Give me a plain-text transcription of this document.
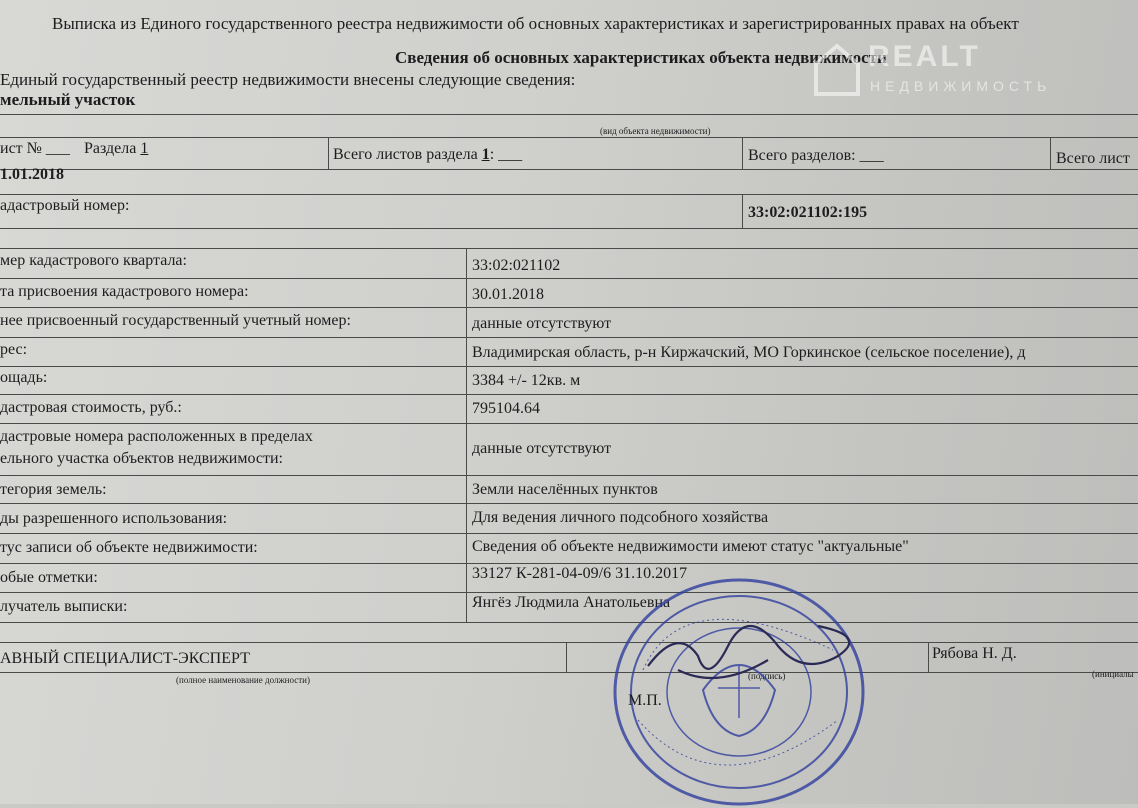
Выписка из Единого государственного реестра недвижимости об основных характеристиках и зарегистрированных правах на объект
Сведения об основных характеристиках объекта недвижимости
Единый государственный реестр недвижимости внесены следующие сведения:
REALT
НЕДВИЖИМОСТЬ
мельный участок
(вид объекта недвижимости)
ист № ___ Раздела 1	Всего листов раздела 1: ___	Всего разделов: ___	Всего лист
1.01.2018
адастровый номер:	33:02:021102:195
мер кадастрового квартала:	33:02:021102
та присвоения кадастрового номера:	30.01.2018
нее присвоенный государственный учетный номер:	данные отсутствуют
рес:	Владимирская область, р-н Киржачский, МО Горкинское (сельское поселение), д
ощадь:	3384 +/- 12кв. м
дастровая стоимость, руб.:	795104.64
дастровые номера расположенных в пределах
ельного участка объектов недвижимости:
данные отсутствуют
тегория земель:	Земли населённых пунктов
ды разрешенного использования:	Для ведения личного подсобного хозяйства
тус записи об объекте недвижимости:	Сведения об объекте недвижимости имеют статус "актуальные"
обые отметки:	33127 К-281-04-09/6 31.10.2017
лучатель выписки:	Янгёз Людмила Анатольевна
АВНЫЙ СПЕЦИАЛИСТ-ЭКСПЕРТ	Рябова Н. Д.
(полное наименование должности)	(подпись)	(инициалы
М.П.
